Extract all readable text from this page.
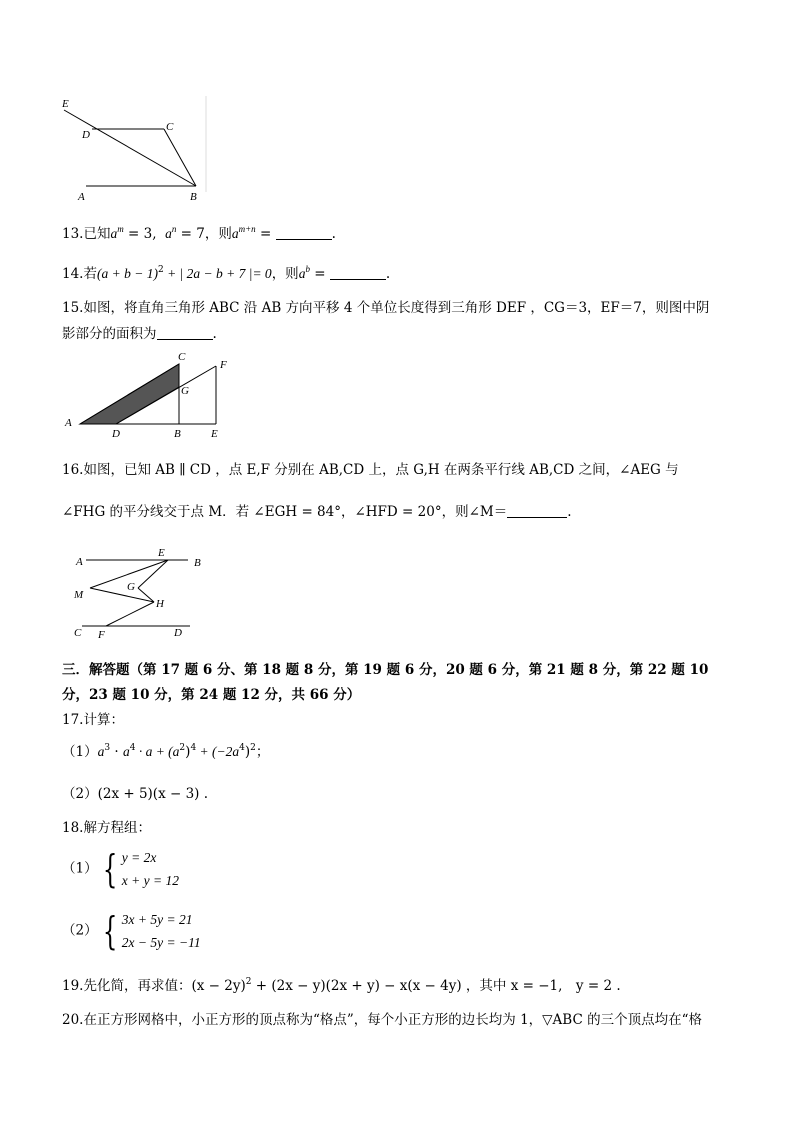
E
D
C
A	B
13.已知$a^m = 3$, $a^n = 7$，则$a^{m+n}$ =	.
14.若$(a + b - 1)^2$ + | 2a − b + 7 |= 0，则$a^b$ =	.
15.如图，将直角三角形 ABC 沿 AB 方向平移 4 个单位长度得到三角形 DEF ，CG＝3，EF＝7，则图中阴
影部分的面积为	.
C
F
G
A
D	B	E
16.如图，已知 AB ∥ CD ，点 E,F 分别在 AB,CD 上，点 G,H 在两条平行线 AB,CD 之间，∠AEG 与
∠FHG 的平分线交于点 M．若 ∠EGH = 84°，∠HFD = 20°，则∠M＝	.
A
E
B
G
M
H
C F	D
三．解答题（第 17 题 6 分、第 18 题 8 分，第 19 题 6 分，20 题 6 分，第 21 题 8 分，第 22 题 10 分，23 题 10 分，第 24 题 12 分，共 66 分）
17.计算：
$(1)a^3 \cdot a^4 \cdot a + (a^2)^4 + (-2a^4)^2$；
（2）(2x + 5)(x − 3) .
18.解方程组：
（1） { y = 2x
x + y = 12
（2） { 3x + 5y = 21
2x − 5y = −11
19.先化简，再求值：$(x - 2y)^2 + (2x - y)(2x + y) - x(x - 4y)$ ，其中 x = −1,　y = 2 .
20.在正方形网格中，小正方形的顶点称为“格点”，每个小正方形的边长均为 1，▽ABC 的三个顶点均在“格
